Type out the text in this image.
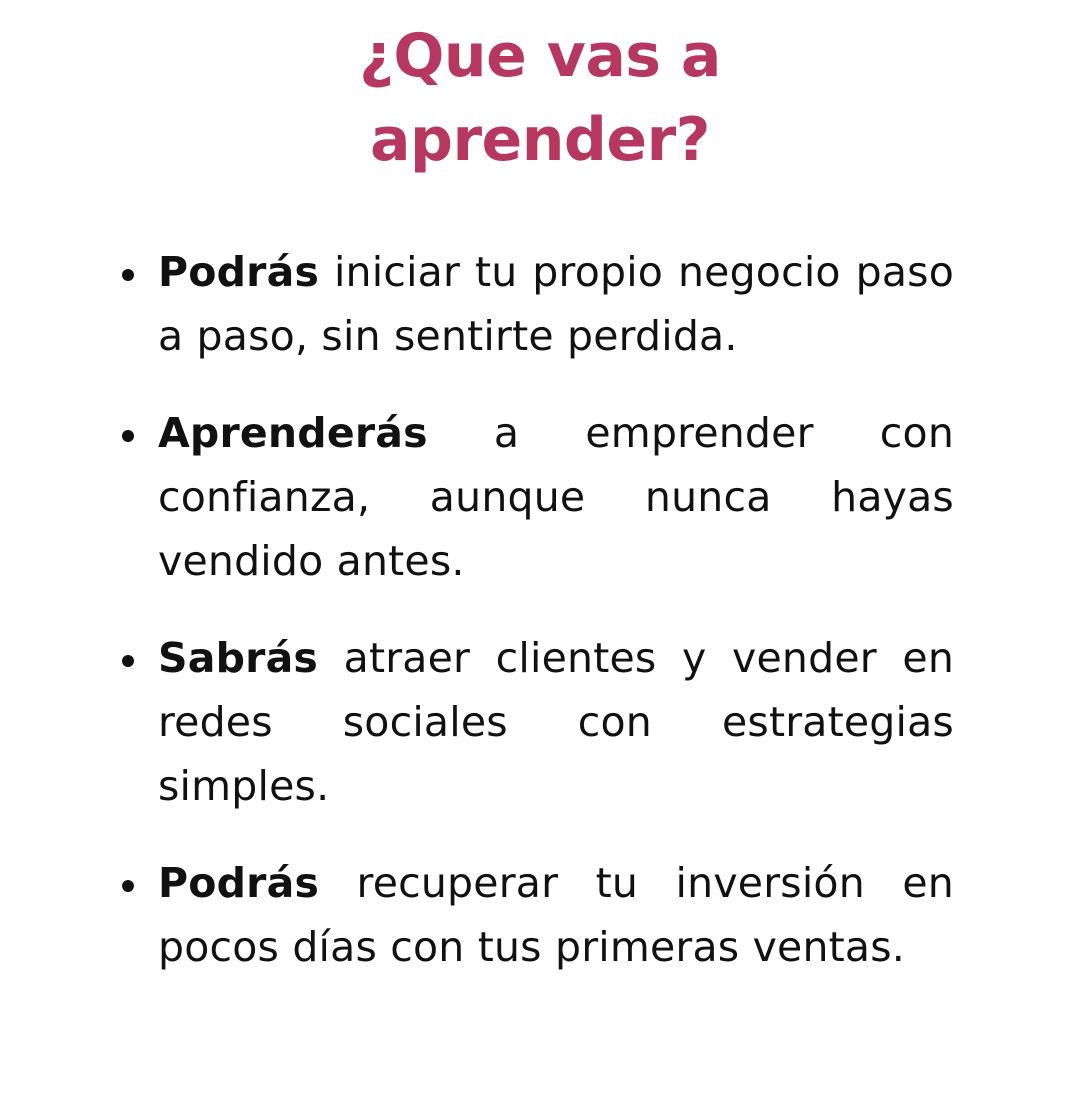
¿Que vas a
aprender?
Podrás iniciar tu propio negocio paso a paso, sin sentirte perdida.
Aprenderás a emprender con confianza, aunque nunca hayas vendido antes.
Sabrás atraer clientes y vender en redes sociales con estrategias simples.
Podrás recuperar tu inversión en pocos días con tus primeras ventas.
